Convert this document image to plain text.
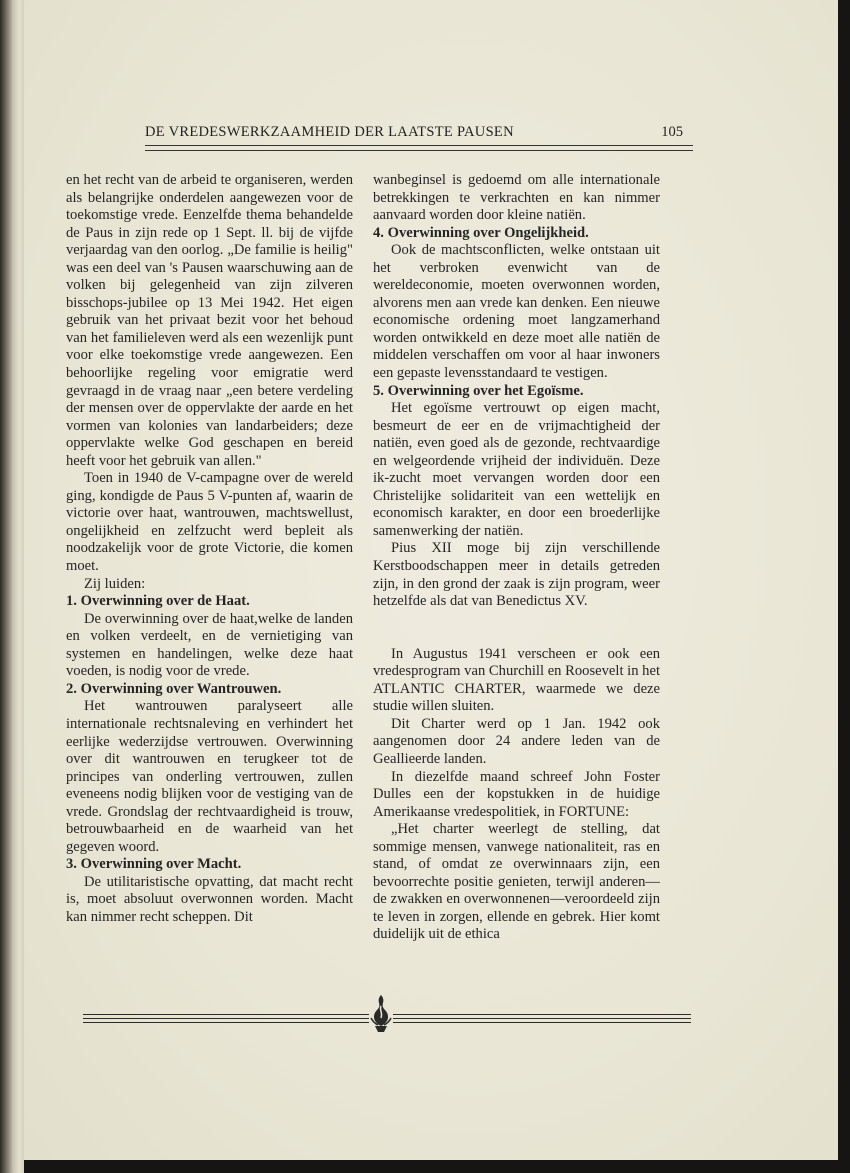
DE VREDESWERKZAAMHEID DER LAATSTE PAUSEN	105

en het recht van de arbeid te organiseren, werden als belangrijke onderdelen aangewezen voor de toekomstige vrede. Eenzelfde thema behandelde de Paus in zijn rede op 1 Sept. ll. bij de vijfde verjaardag van den oorlog. „De familie is heilig" was een deel van 's Pausen waarschuwing aan de volken bij gelegenheid van zijn zilveren bisschops-jubilee op 13 Mei 1942. Het eigen gebruik van het privaat bezit voor het behoud van het familieleven werd als een wezenlijk punt voor elke toekomstige vrede aangewezen. Een behoorlijke regeling voor emigratie werd gevraagd in de vraag naar „een betere verdeling der mensen over de oppervlakte der aarde en het vormen van kolonies van landarbeiders; deze oppervlakte welke God geschapen en bereid heeft voor het gebruik van allen."

Toen in 1940 de V-campagne over de wereld ging, kondigde de Paus 5 V-punten af, waarin de victorie over haat, wantrouwen, machtswellust, ongelijkheid en zelfzucht werd bepleit als noodzakelijk voor de grote Victorie, die komen moet.

Zij luiden:

1. Overwinning over de Haat.

De overwinning over de haat,welke de landen en volken verdeelt, en de vernietiging van systemen en handelingen, welke deze haat voeden, is nodig voor de vrede.

2. Overwinning over Wantrouwen.

Het wantrouwen paralyseert alle internationale rechtsnaleving en verhindert het eerlijke wederzijdse vertrouwen. Overwinning over dit wantrouwen en terugkeer tot de principes van onderling vertrouwen, zullen eveneens nodig blijken voor de vestiging van de vrede. Grondslag der rechtvaardigheid is trouw, betrouwbaarheid en de waarheid van het gegeven woord.

3. Overwinning over Macht.

De utilitaristische opvatting, dat macht recht is, moet absoluut overwonnen worden. Macht kan nimmer recht scheppen. Dit

wanbeginsel is gedoemd om alle internationale betrekkingen te verkrachten en kan nimmer aanvaard worden door kleine natiën.

4. Overwinning over Ongelijkheid.

Ook de machtsconflicten, welke ontstaan uit het verbroken evenwicht van de wereldeconomie, moeten overwonnen worden, alvorens men aan vrede kan denken. Een nieuwe economische ordening moet langzamerhand worden ontwikkeld en deze moet alle natiën de middelen verschaffen om voor al haar inwoners een gepaste levensstandaard te vestigen.

5. Overwinning over het Egoïsme.

Het egoïsme vertrouwt op eigen macht, besmeurt de eer en de vrijmachtigheid der natiën, even goed als de gezonde, rechtvaardige en welgeordende vrijheid der individuën. Deze ik-zucht moet vervangen worden door een Christelijke solidariteit van een wettelijk en economisch karakter, en door een broederlijke samenwerking der natiën.

Pius XII moge bij zijn verschillende Kerstboodschappen meer in details getreden zijn, in den grond der zaak is zijn program, weer hetzelfde als dat van Benedictus XV.

In Augustus 1941 verscheen er ook een vredesprogram van Churchill en Roosevelt in het ATLANTIC CHARTER, waarmede we deze studie willen sluiten.

Dit Charter werd op 1 Jan. 1942 ook aangenomen door 24 andere leden van de Geallieerde landen.

In diezelfde maand schreef John Foster Dulles een der kopstukken in de huidige Amerikaanse vredespolitiek, in FORTUNE:

„Het charter weerlegt de stelling, dat sommige mensen, vanwege nationaliteit, ras en stand, of omdat ze overwinnaars zijn, een bevoorrechte positie genieten, terwijl anderen—de zwakken en overwonnenen—veroordeeld zijn te leven in zorgen, ellende en gebrek. Hier komt duidelijk uit de ethica
